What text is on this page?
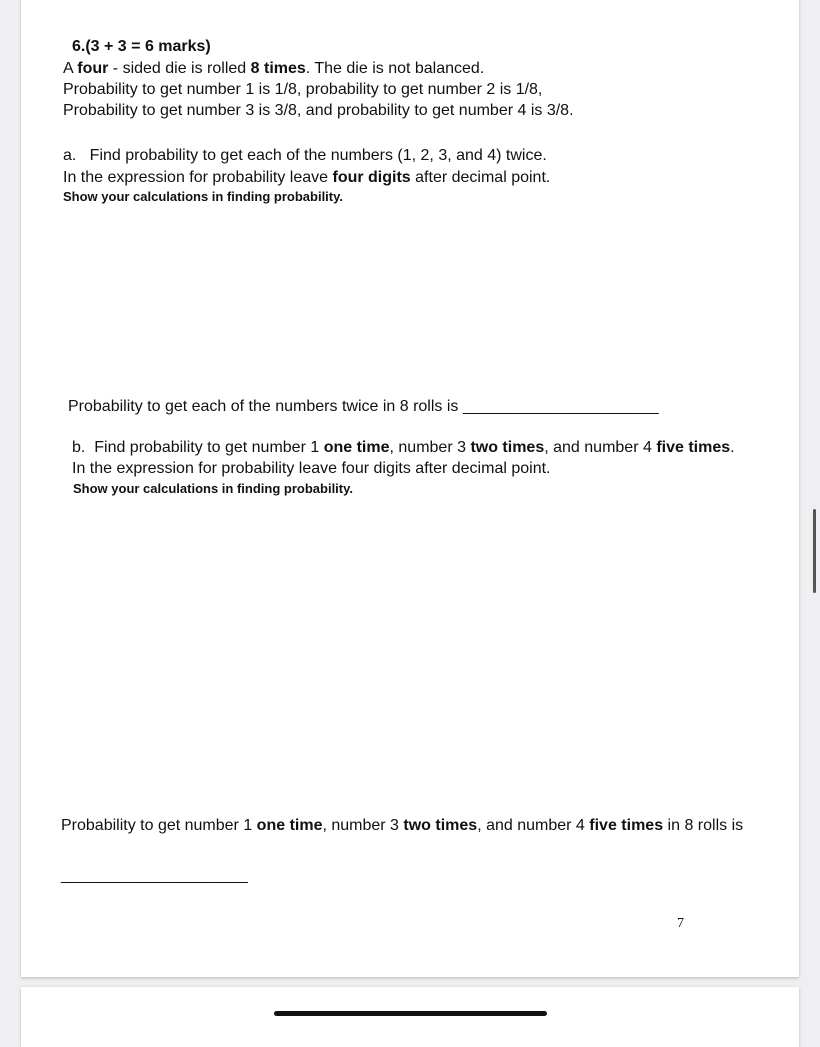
6.(3 + 3 = 6 marks)
A four - sided die is rolled 8 times. The die is not balanced.
Probability to get number 1 is 1/8, probability to get number 2 is 1/8,
Probability to get number 3 is 3/8, and probability to get number 4 is 3/8.
a.   Find probability to get each of the numbers (1, 2, 3, and 4) twice.
In the expression for probability leave four digits after decimal point.
Show your calculations in finding probability.
Probability to get each of the numbers twice in 8 rolls is ______________________
b.  Find probability to get number 1 one time, number 3 two times, and number 4 five times.
In the expression for probability leave four digits after decimal point.
Show your calculations in finding probability.
Probability to get number 1 one time, number 3 two times, and number 4 five times in 8 rolls is
_____________________
7
